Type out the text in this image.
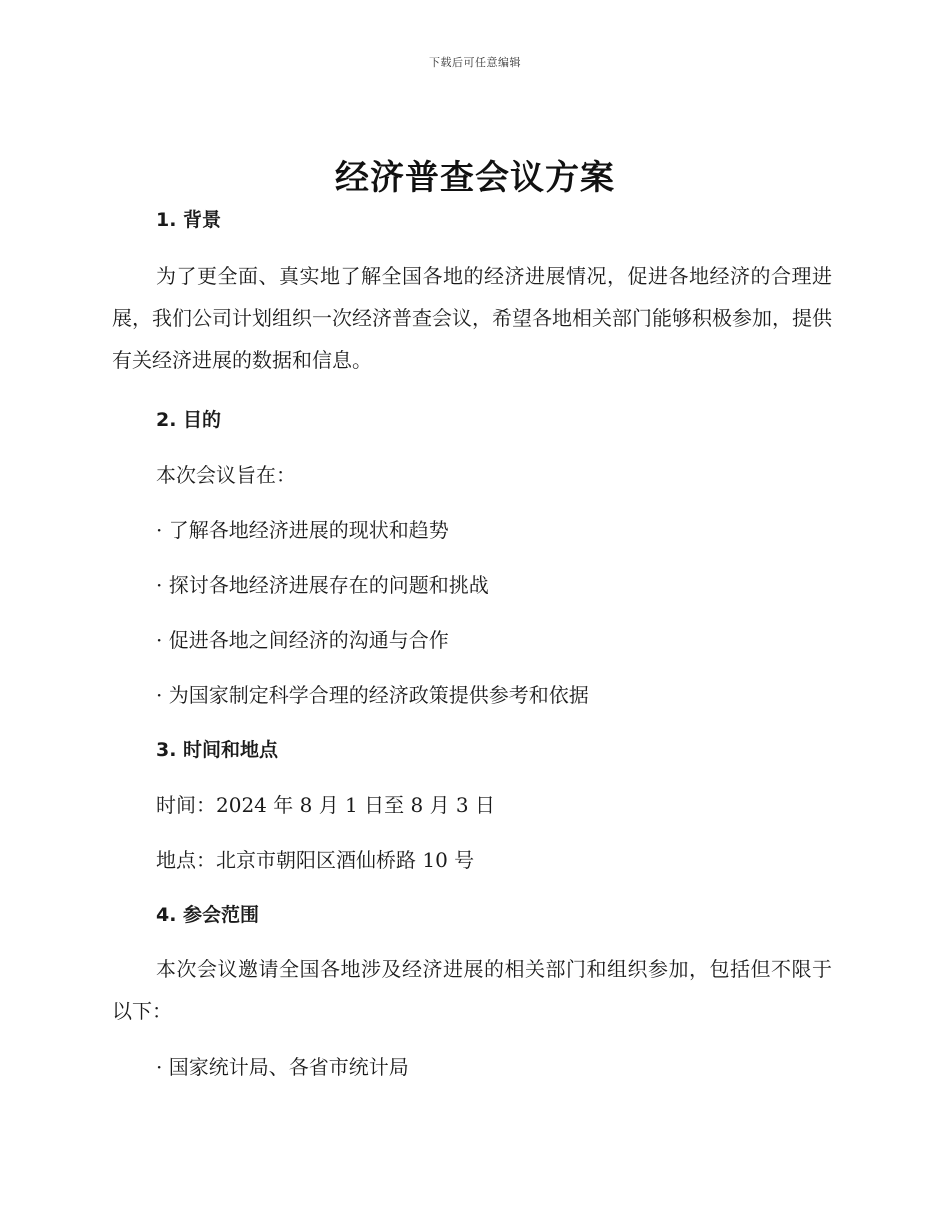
下载后可任意编辑
经济普查会议方案
1. 背景

为了更全面、真实地了解全国各地的经济进展情况，促进各地经济的合理进展，我们公司计划组织一次经济普查会议，希望各地相关部门能够积极参加，提供有关经济进展的数据和信息。

2. 目的
本次会议旨在：
· 了解各地经济进展的现状和趋势
· 探讨各地经济进展存在的问题和挑战
· 促进各地之间经济的沟通与合作
· 为国家制定科学合理的经济政策提供参考和依据
3. 时间和地点
时间：2024 年 8 月 1 日至 8 月 3 日
地点：北京市朝阳区酒仙桥路 10 号
4. 参会范围

本次会议邀请全国各地涉及经济进展的相关部门和组织参加，包括但不限于以下：

· 国家统计局、各省市统计局
